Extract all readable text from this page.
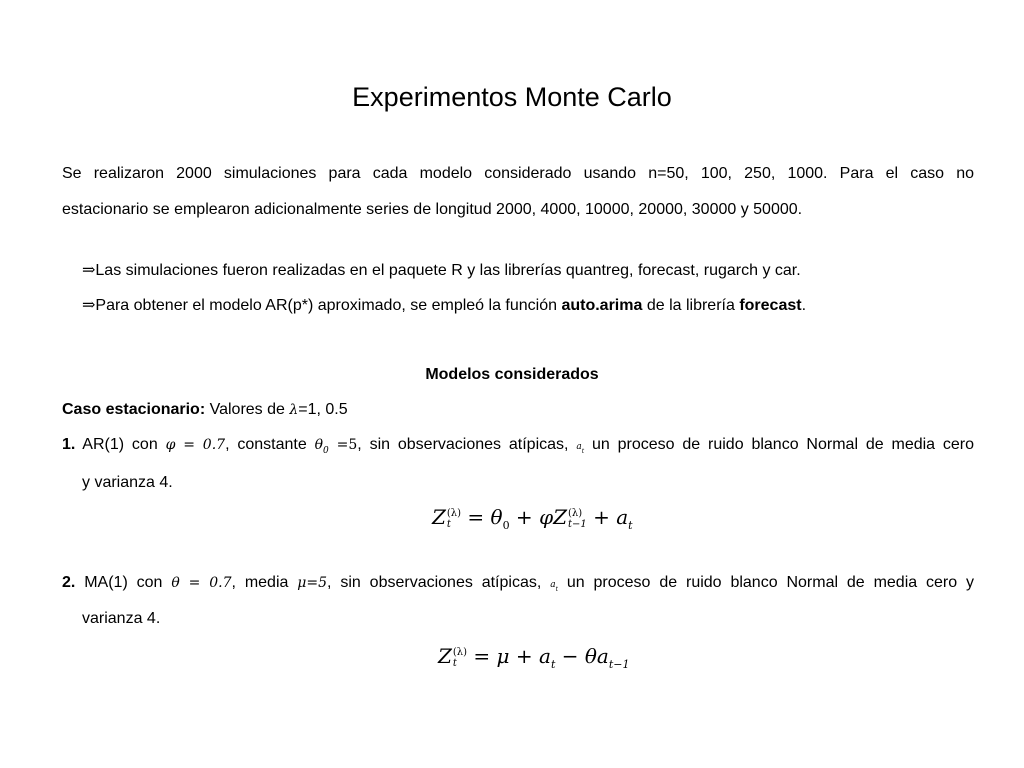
Experimentos Monte Carlo
Se realizaron 2000 simulaciones para cada modelo considerado usando n=50, 100, 250, 1000. Para el caso no
estacionario se emplearon adicionalmente series de longitud 2000, 4000, 10000, 20000, 30000 y 50000.
⇒Las simulaciones fueron realizadas en el paquete R y las librerías quantreg, forecast, rugarch y car.
⇒Para obtener el modelo AR(p*) aproximado, se empleó la función auto.arima de la librería forecast.
Modelos considerados
Caso estacionario: Valores de λ=1, 0.5
1. AR(1) con φ = 0.7, constante $\theta_0 =5$, sin observaciones atípicas, $a_t$ un proceso de ruido blanco Normal de media cero
y varianza 4.
Z (λ)
$t = \theta_0 + \varphi Z$ (λ)
$t-1 + a_t$
2. MA(1) con θ = 0.7, media μ=5, sin observaciones atípicas, $a_t$ un proceso de ruido blanco Normal de media cero y
varianza 4.
Z (λ)
$t = \mu + a_t - \theta a_{t-1}$
